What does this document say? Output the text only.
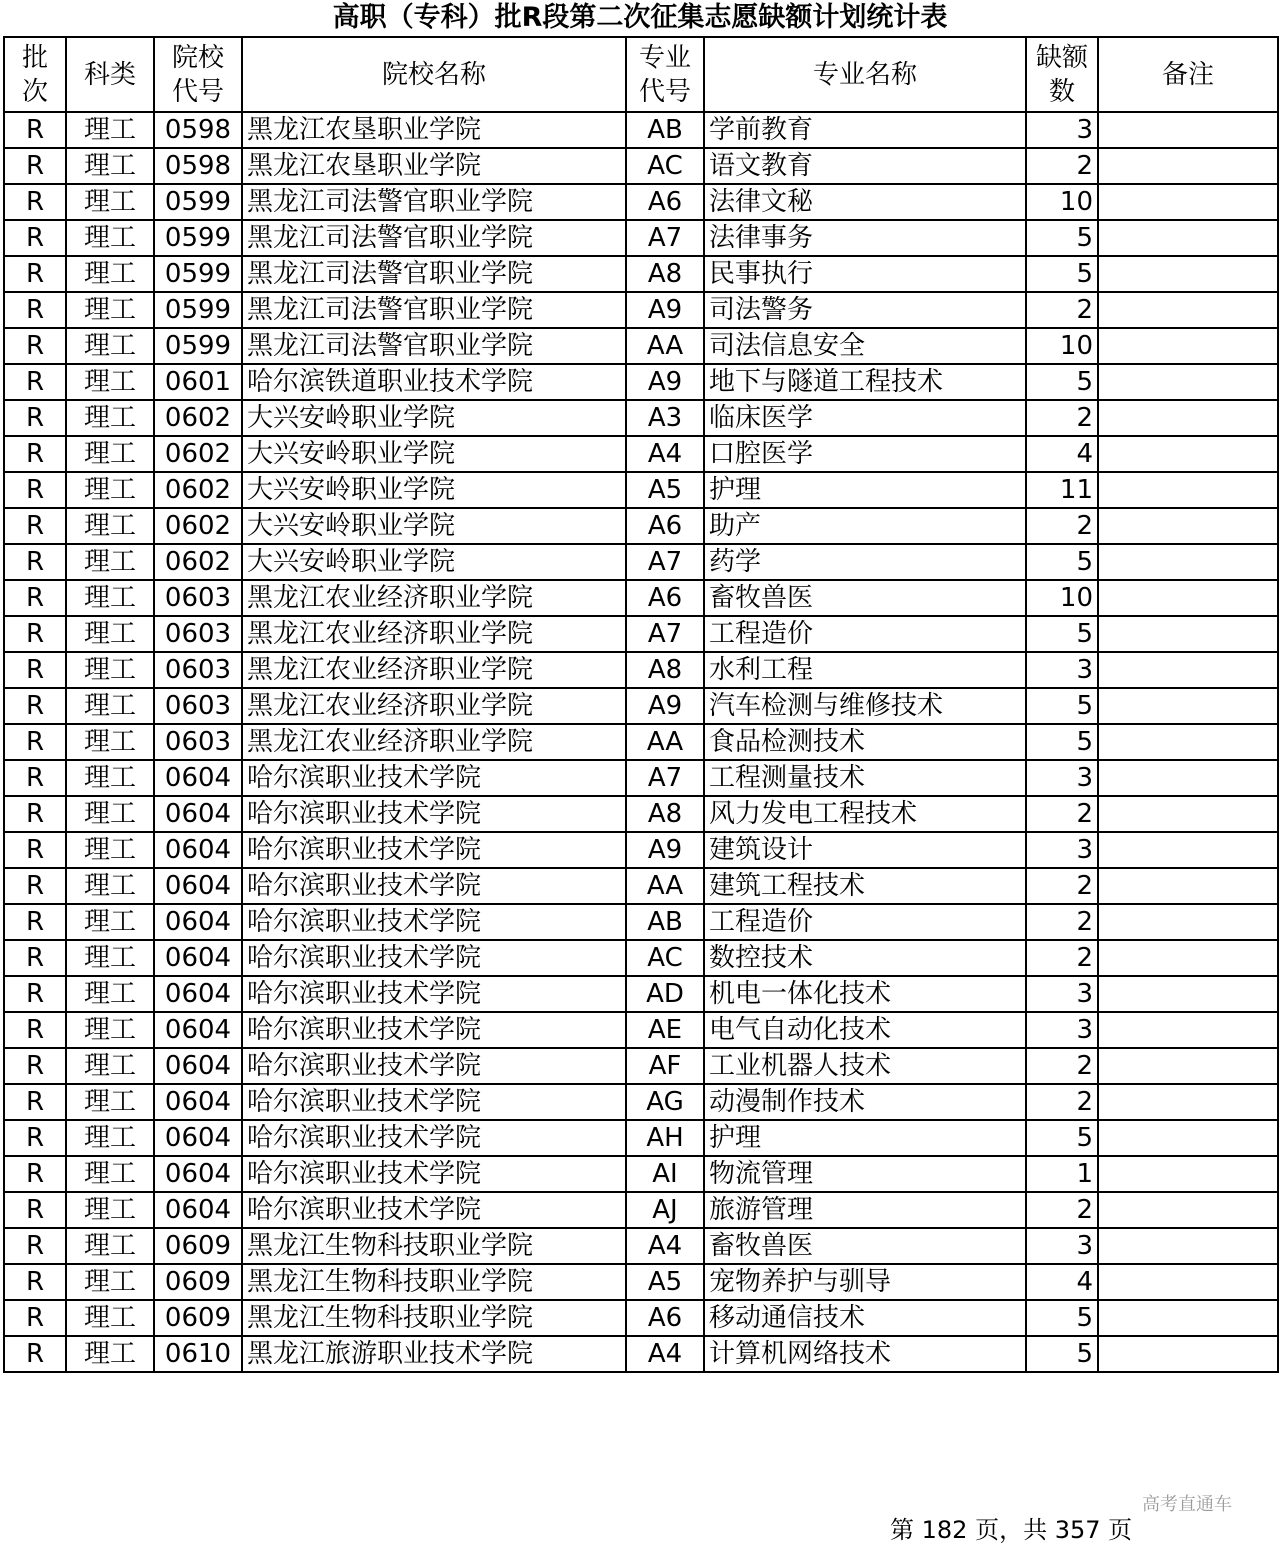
高职（专科）批R段第二次征集志愿缺额计划统计表
批次	科类	院校代号	院校名称	专业代号	专业名称	缺额数	备注
R	理工	0598	黑龙江农垦职业学院	AB	学前教育	3	
R	理工	0598	黑龙江农垦职业学院	AC	语文教育	2	
R	理工	0599	黑龙江司法警官职业学院	A6	法律文秘	10	
R	理工	0599	黑龙江司法警官职业学院	A7	法律事务	5	
R	理工	0599	黑龙江司法警官职业学院	A8	民事执行	5	
R	理工	0599	黑龙江司法警官职业学院	A9	司法警务	2	
R	理工	0599	黑龙江司法警官职业学院	AA	司法信息安全	10	
R	理工	0601	哈尔滨铁道职业技术学院	A9	地下与隧道工程技术	5	
R	理工	0602	大兴安岭职业学院	A3	临床医学	2	
R	理工	0602	大兴安岭职业学院	A4	口腔医学	4	
R	理工	0602	大兴安岭职业学院	A5	护理	11	
R	理工	0602	大兴安岭职业学院	A6	助产	2	
R	理工	0602	大兴安岭职业学院	A7	药学	5	
R	理工	0603	黑龙江农业经济职业学院	A6	畜牧兽医	10	
R	理工	0603	黑龙江农业经济职业学院	A7	工程造价	5	
R	理工	0603	黑龙江农业经济职业学院	A8	水利工程	3	
R	理工	0603	黑龙江农业经济职业学院	A9	汽车检测与维修技术	5	
R	理工	0603	黑龙江农业经济职业学院	AA	食品检测技术	5	
R	理工	0604	哈尔滨职业技术学院	A7	工程测量技术	3	
R	理工	0604	哈尔滨职业技术学院	A8	风力发电工程技术	2	
R	理工	0604	哈尔滨职业技术学院	A9	建筑设计	3	
R	理工	0604	哈尔滨职业技术学院	AA	建筑工程技术	2	
R	理工	0604	哈尔滨职业技术学院	AB	工程造价	2	
R	理工	0604	哈尔滨职业技术学院	AC	数控技术	2	
R	理工	0604	哈尔滨职业技术学院	AD	机电一体化技术	3	
R	理工	0604	哈尔滨职业技术学院	AE	电气自动化技术	3	
R	理工	0604	哈尔滨职业技术学院	AF	工业机器人技术	2	
R	理工	0604	哈尔滨职业技术学院	AG	动漫制作技术	2	
R	理工	0604	哈尔滨职业技术学院	AH	护理	5	
R	理工	0604	哈尔滨职业技术学院	AI	物流管理	1	
R	理工	0604	哈尔滨职业技术学院	AJ	旅游管理	2	
R	理工	0609	黑龙江生物科技职业学院	A4	畜牧兽医	3	
R	理工	0609	黑龙江生物科技职业学院	A5	宠物养护与驯导	4	
R	理工	0609	黑龙江生物科技职业学院	A6	移动通信技术	5	
R	理工	0610	黑龙江旅游职业技术学院	A4	计算机网络技术	5	
高考直通车
第 182 页，共 357 页
